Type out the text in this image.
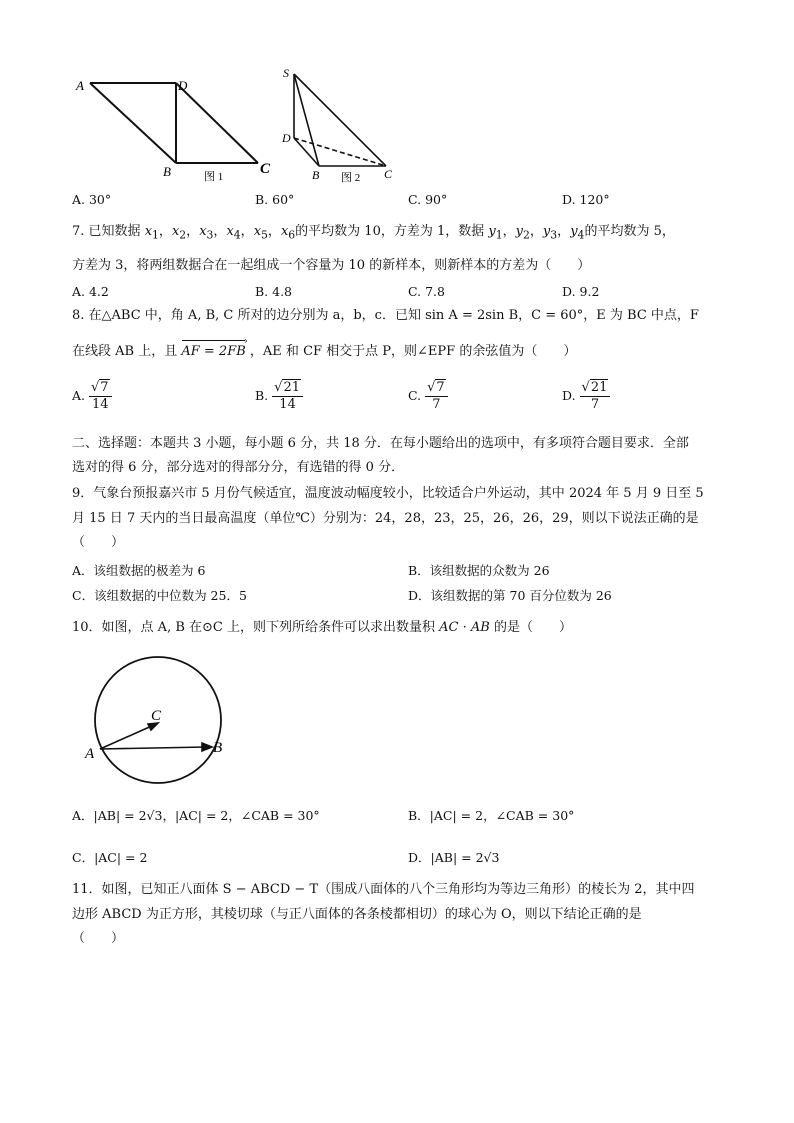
A	D
B	C
图 1
S
D
B	C
图 2
A. 30°	B. 60°	C. 90°	D. 120°
7. 已知数据 $x_1$，$x_2$，$x_3$，$x_4$，$x_5$，$x_6$的平均数为 10，方差为 1，数据 $y_1$，$y_2$，$y_3$，$y_4$的平均数为 5，
方差为 3，将两组数据合在一起组成一个容量为 10 的新样本，则新样本的方差为（　　）
A. 4.2	B. 4.8	C. 7.8	D. 9.2
8. 在△ABC 中，角 A, B, C 所对的边分别为 a，b，c．已知 sin A = 2sin B，C = 60°，E 为 BC 中点，F
在线段 AB 上，且 AF = 2FB › ，AE 和 CF 相交于点 P，则∠EPF 的余弦值为（　　）
A. $\frac{√7}{14}$	B. $\frac{√21}{14}$	C. $\frac{√7}{7}$	D. $\frac{√21}{7}$
二、选择题：本题共 3 小题，每小题 6 分，共 18 分．在每小题给出的选项中，有多项符合题目要求．全部
选对的得 6 分，部分选对的得部分分，有选错的得 0 分．
9．气象台预报嘉兴市 5 月份气候适宜，温度波动幅度较小，比较适合户外运动，其中 2024 年 5 月 9 日至 5
月 15 日 7 天内的当日最高温度（单位℃）分别为：24，28，23，25，26，26，29，则以下说法正确的是
（　　）
A．该组数据的极差为 6	B．该组数据的众数为 26
C．该组数据的中位数为 25．5	D．该组数据的第 70 百分位数为 26
10．如图，点 A, B 在⊙C 上，则下列所给条件可以求出数量积 AC · AB 的是（　　）
C
A	B
A．|AB| = 2√3，|AC| = 2，∠CAB = 30°	B．|AC| = 2，∠CAB = 30°
C．|AC| = 2	D．|AB| = 2√3
11．如图，已知正八面体 S − ABCD − T（围成八面体的八个三角形均为等边三角形）的棱长为 2，其中四
边形 ABCD 为正方形，其棱切球（与正八面体的各条棱都相切）的球心为 O，则以下结论正确的是
（　　）
